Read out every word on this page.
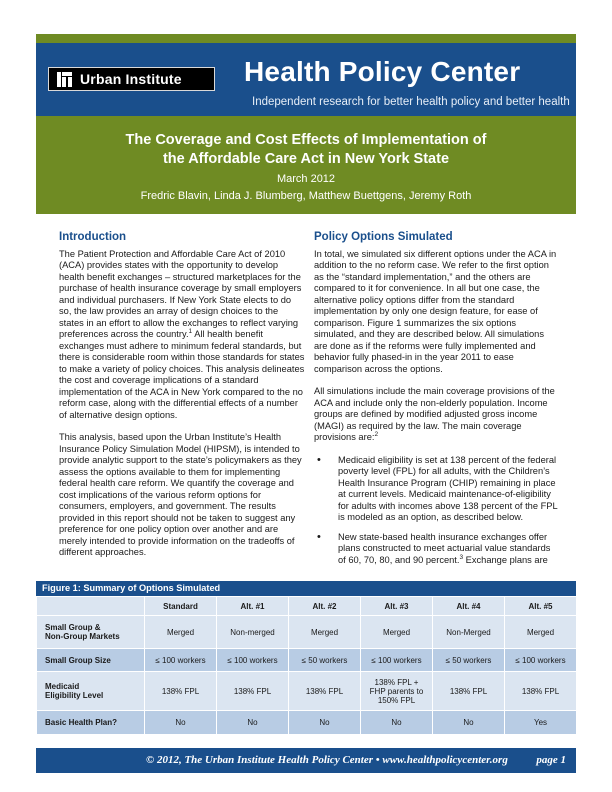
Urban Institute Health Policy Center
Independent research for better health policy and better health
The Coverage and Cost Effects of Implementation of
the Affordable Care Act in New York State
March 2012
Fredric Blavin, Linda J. Blumberg, Matthew Buettgens, Jeremy Roth
Introduction

The Patient Protection and Affordable Care Act of 2010 (ACA) provides states with the opportunity to develop health benefit exchanges – structured marketplaces for the purchase of health insurance coverage by small employers and individual purchasers. If New York State elects to do so, the law provides an array of design choices to the states in an effort to allow the exchanges to reflect varying preferences across the country.$^1$ All health benefit exchanges must adhere to minimum federal standards, but there is considerable room within those standards for states to make a variety of policy choices. This analysis delineates the cost and coverage implications of a standard implementation of the ACA in New York compared to the no reform case, along with the differential effects of a number of alternative design options.

This analysis, based upon the Urban Institute’s Health Insurance Policy Simulation Model (HIPSM), is intended to provide analytic support to the state’s policymakers as they assess the options available to them for implementing federal health care reform. We quantify the coverage and cost implications of the various reform options for consumers, employers, and government. The results provided in this report should not be taken to suggest any preference for one policy option over another and are merely intended to provide information on the tradeoffs of different approaches.

Policy Options Simulated

In total, we simulated six different options under the ACA in addition to the no reform case. We refer to the first option as the “standard implementation,” and the others are compared to it for convenience. In all but one case, the alternative policy options differ from the standard implementation by only one design feature, for ease of comparison. Figure 1 summarizes the six options simulated, and they are described below. All simulations are done as if the reforms were fully implemented and behavior fully phased-in in the year 2011 to ease comparison across the options.

All simulations include the main coverage provisions of the ACA and include only the non-elderly population. Income groups are defined by modified adjusted gross income (MAGI) as required by the law. The main coverage provisions are:$^2$

• Medicaid eligibility is set at 138 percent of the federal poverty level (FPL) for all adults, with the Children’s Health Insurance Program (CHIP) remaining in place at current levels. Medicaid maintenance-of-eligibility for adults with incomes above 138 percent of the FPL is modeled as an option, as described below.
• New state-based health insurance exchanges offer plans constructed to meet actuarial value standards of 60, 70, 80, and 90 percent.$^3$ Exchange plans are
Figure 1: Summary of Options Simulated
	Standard	Alt. #1	Alt. #2	Alt. #3	Alt. #4	Alt. #5
Small Group &
Non-Group Markets	Merged	Non-merged	Merged	Merged	Non-Merged	Merged
Small Group Size	≤ 100 workers	≤ 100 workers	≤ 50 workers	≤ 100 workers	≤ 50 workers	≤ 100 workers
Medicaid
Eligibility Level	138% FPL	138% FPL	138% FPL	138% FPL +
FHP parents to
150% FPL	138% FPL	138% FPL
Basic Health Plan?	No	No	No	No	No	Yes
© 2012, The Urban Institute Health Policy Center • www.healthpolicycenter.org	page 1
